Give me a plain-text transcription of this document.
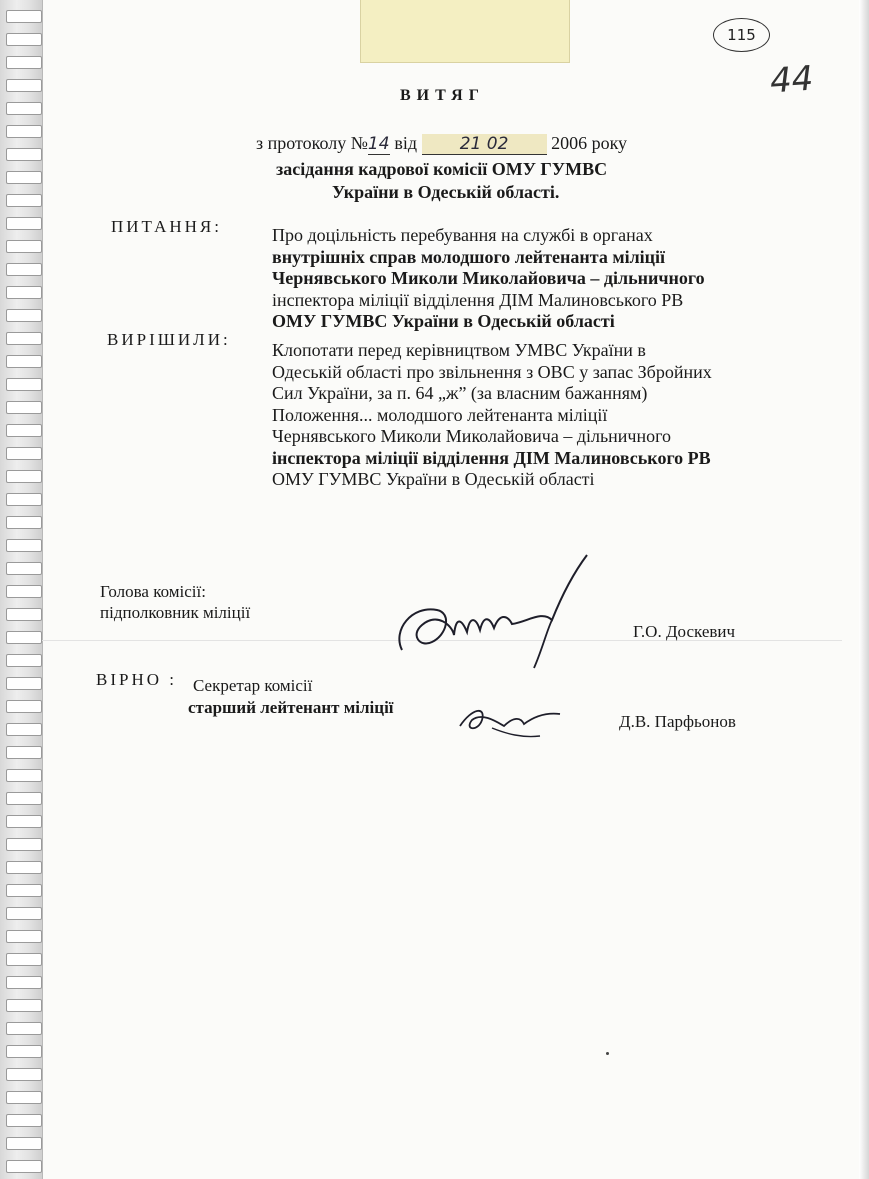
115
44
ВИТЯГ
з протоколу №14 від	21 02 2006 року
засідання кадрової комісії ОМУ ГУМВС
України в Одеській області.
ПИТАННЯ:	Про доцільність перебування на службі в органах
внутрішніх справ молодшого лейтенанта міліції
Чернявського Миколи Миколайовича – дільничного
інспектора міліції відділення ДІМ Малиновського РВ
ОМУ ГУМВС України в Одеській області
ВИРІШИЛИ:
Клопотати перед керівництвом УМВС України в
Одеській області про звільнення з ОВС у запас Збройних
Сил України, за п. 64 „ж” (за власним бажанням)
Положення... молодшого лейтенанта міліції
Чернявського Миколи Миколайовича – дільничного
інспектора міліції відділення ДІМ Малиновського РВ
ОМУ ГУМВС України в Одеській області
Голова комісії:
підполковник міліції
Г.О. Доскевич
ВІРНО : Секретар комісії
старший лейтенант міліції
Д.В. Парфьонов
